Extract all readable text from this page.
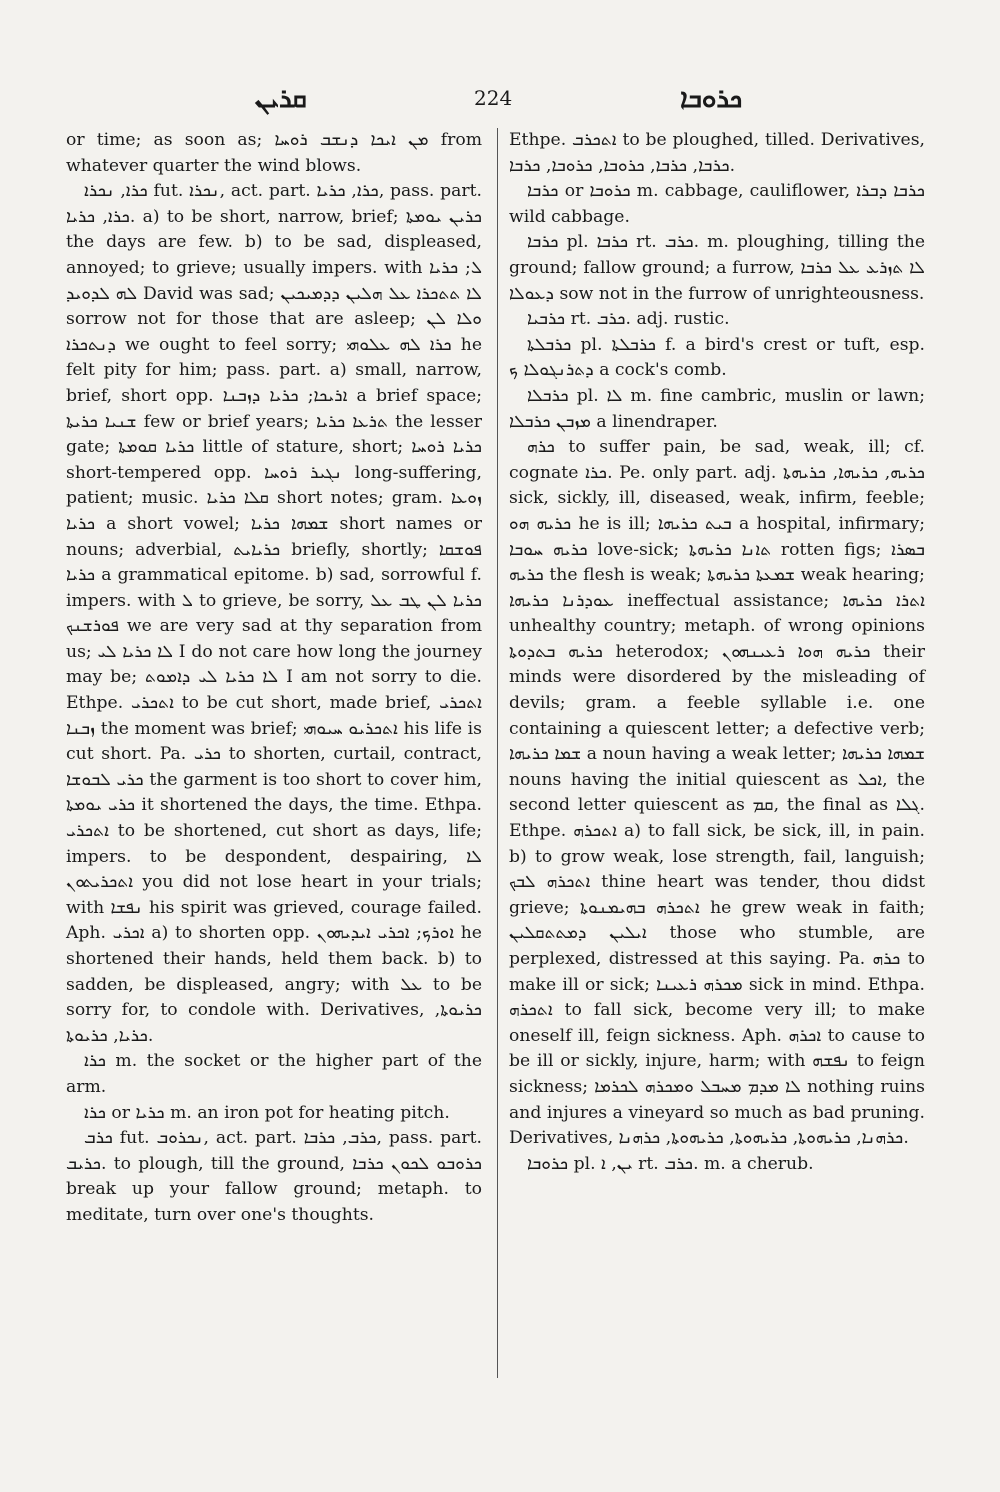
ܩܪܝܢ	224	ܟܪܘܒܐ

or time; as soon as; ܡܢ ܐܝܟܐ ܕܢܫܒ ܪܘܚܐ from whatever quarter the wind blows.

ܟܪܐ, ܢܟܪܐ fut. ܢܟܪܐ, act. part. ܟܪܐ, ܟܪܝܐ, pass. part. ܟܪܐ, ܟܪܝܐ. a) to be short, narrow, brief; ܟܪܝܢ ܝܘܡܬܐ the days are few. b) to be sad, displeased, annoyed; to grieve; usually impers. with ܠ; ܟܪܝܐ ܠܗ ܠܕܘܝܕ David was sad; ܠܐ ܬܬܟܪܐ ܥܠ ܗܠܝܢ ܕܕܡܝܟܝܢ sorrow not for those that are asleep; ܘܠܐ ܠܢ ܕܢܬܟܪܐ we ought to feel sorry; ܟܪܐ ܠܗ ܥܠܘܗܝ he felt pity for him; pass. part. a) small, narrow, brief, short opp. ܐܪܝܟܐ; ܟܪܝܐ ܕܙܒܢܐ a brief space; ܫܢܝܐ ܟܪܝܬܐ few or brief years; ܬܪܥܐ ܟܪܝܐ the lesser gate; ܟܪܝܐ ܩܘܡܬܐ little of stature, short; ܟܪܝܐ ܪܘܚܐ short-tempered opp. ܢܓܝܪ ܪܘܚܐ long-suffering, patient; music. ܩܠܐ ܟܪܝܐ short notes; gram. ܙܘܥܐ ܟܪܝܐ a short vowel; ܫܡܗܐ ܟܪܝܐ short names or nouns; adverbial, ܟܪܝܐܝܬ briefly, shortly; ܦܘܫܩܐ ܟܪܝܐ a grammatical epitome. b) sad, sorrowful f. impers. with ܠ to grieve, be sorry, ܟܪܝܐ ܠܢ ܛܒ ܥܠ ܦܘܪܫܢܟ we are very sad at thy separation from us; ܠܐ ܟܪܝܐ ܠܝ I do not care how long the journey may be; ܠܐ ܟܪܝܐ ܠܝ ܕܐܡܘܬ I am not sorry to die. Ethpe. ܐܬܟܪܝ to be cut short, made brief, ܐܬܟܪܝ ܙܒܢܐ the moment was brief; ܐܬܟܪܝܘ ܚܝܘܗܝ his life is cut short. Pa. ܟܪܝ to shorten, curtail, contract, ܟܪܝ ܠܒܘܫܐ the garment is too short to cover him, ܟܪܝ ܝܘܡܬܐ it shortened the days, the time. Ethpa. ܐܬܟܪܝ to be shortened, cut short as days, life; impers. to be despondent, despairing, ܠܐ ܐܬܟܪܝܬܘܢ you did not lose heart in your trials; with ܢܦܫܐ his spirit was grieved, courage failed. Aph. ܐܟܪܝ a) to shorten opp. ܐܘܪܟ; ܐܟܪܝ ܐܝܕܝܗܘܢ he shortened their hands, held them back. b) to sadden, be displeased, angry; with ܥܠ to be sorry for, to condole with. Derivatives, ܟܪܝܘܬܐ, ܟܪܝܐ, ܟܪܝܘܬܐ.

ܟܪܐ m. the socket or the higher part of the arm.

ܟܪܐ or ܟܪܝܐ m. an iron pot for heating pitch.

ܟܪܒ fut. ܢܟܪܘܒ, act. part. ܟܪܒ, ܟܪܒܐ, pass. part. ܟܪܝܒ. to plough, till the ground, ܟܪܘܒܘ ܠܟܘܢ ܟܪܒܐ break up your fallow ground; metaph. to meditate, turn over one's thoughts.

Ethpe. ܐܬܟܪܒ to be ploughed, tilled. Derivatives, ܟܪܒܐ, ܟܪܒܐ, ܟܪܘܒܐ, ܟܪܘܒܐ, ܟܪܒܐ.

ܟܪܒܐ or ܟܪܘܒܐ m. cabbage, cauliflower, ܟܪܒܐ ܕܒܪܐ wild cabbage.

ܟܪܒܐ pl. ܟܪܒܐ rt. ܟܪܒ. m. ploughing, tilling the ground; fallow ground; a furrow, ܠܐ ܬܙܪܥ ܥܠ ܟܪܒܐ ܕܥܘܠܐ sow not in the furrow of unrighteousness.

ܟܪܒܝܐ rt. ܟܪܒ. adj. rustic.

ܟܪܒܠܬܐ pl. ܟܪܒܠܬܐ f. a bird's crest or tuft, esp. ܕܬܪܢܓܘܠܐ ܟ a cock's comb.

ܟܪܒܠܐ pl. ܠܐ m. fine cambric, muslin or lawn; ܡܙܒܢ ܟܪܒܠܐ a linendraper.

ܟܪܗ to suffer pain, be sad, weak, ill; cf. cognate ܟܪܐ. Pe. only part. adj. ܟܪܝܗ, ܟܪܝܗܐ, ܟܪܝܗܬܐ sick, sickly, ill, diseased, weak, infirm, feeble; ܟܪܝܗ ܗܘ he is ill; ܒܝܬ ܟܪܝܗܐ a hospital, infirmary; ܟܪܝܗ ܚܘܒܐ love-sick; ܬܐܢܐ ܟܪܝܗܬܐ rotten figs; ܒܣܪܐ ܟܪܝܗ the flesh is weak; ܫܡܥܬܐ ܟܪܝܗܬܐ weak hearing; ܥܘܕܪܢܐ ܟܪܝܗܐ ineffectual assistance; ܐܬܪܐ ܟܪܝܗܐ unhealthy country; metaph. of wrong opinions ܟܪܝܗ ܒܬܕܘܬܐ heterodox; ܟܪܝܗ ܗܘܐ ܪܥܝܢܗܘܢ their minds were disordered by the misleading of devils; gram. a feeble syllable i.e. one containing a quiescent letter; a defective verb; ܫܡܐ ܟܪܝܗܐ a noun having a weak letter; ܫܡܗܐ ܟܪܝܗܐ nouns having the initial quiescent as ܐܟܠ, the second letter quiescent as ܩܡ, the final as ܓܠܐ. Ethpe. ܐܬܟܪܗ a) to fall sick, be sick, ill, in pain. b) to grow weak, lose strength, fail, languish; ܐܬܟܪܗ ܠܒܟ thine heart was tender, thou didst grieve; ܐܬܟܪܗ ܒܗܝܡܢܘܬܐ he grew weak in faith; ܐܝܠܝܢ ܕܡܬܬܩܠܝܢ those who stumble, are perplexed, distressed at this saying. Pa. ܟܪܗ to make ill or sick; ܡܟܪܗ ܪܥܝܢܐ sick in mind. Ethpa. ܐܬܟܪܗ to fall sick, become very ill; to make oneself ill, feign sickness. Aph. ܐܟܪܗ to cause to be ill or sickly, injure, harm; with ܢܦܫܗ to feign sickness; ܠܐ ܡܕܡ ܡܚܒܠ ܘܡܟܪܗ ܠܟܪܡܐ nothing ruins and injures a vineyard so much as bad pruning. Derivatives, ܟܪܗܢܐ, ܟܪܝܗܘܬܐ, ܟܪܝܗܘܬܐ, ܟܪܝܗܘܬܐ, ܟܪܗܢܐ.

ܟܪܘܒܐ pl. ܝܢ, ܐ rt. ܟܪܒ. m. a cherub.
